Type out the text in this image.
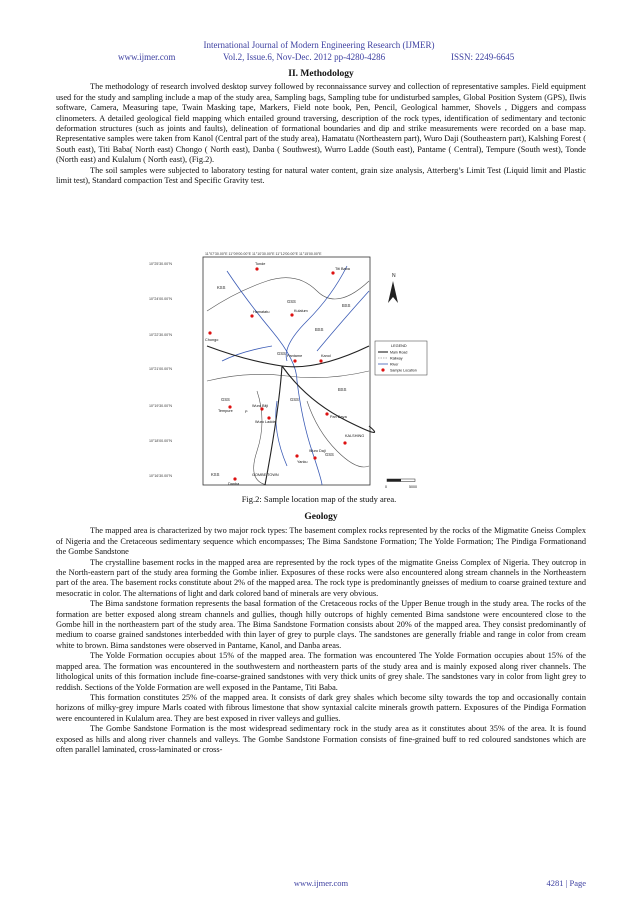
International Journal of Modern Engineering Research (IJMER)
www.ijmer.com	Vol.2, Issue.6, Nov-Dec. 2012 pp-4280-4286	ISSN: 2249-6645
II. Methodology

The methodology of research involved desktop survey followed by reconnaissance survey and collection of representative samples. Field equipment used for the study and sampling include a map of the study area, Sampling bags, Sampling tube for undisturbed samples, Global Position System (GPS), Ilwis software, Camera, Measuring tape, Twain Masking tape, Markers, Field note book, Pen, Pencil, Geological hammer, Shovels , Diggers and compass clinometers. A detailed geological field mapping which entailed ground traversing, description of the rock types, identification of sedimentary and tectonic deformation structures (such as joints and faults), delineation of formational boundaries and dip and strike measurements were recorded on a base map. Representative samples were taken from Kanol (Central part of the study area), Hamatatu (Northeastern part), Wuro Daji (Southeastern part), Kalshing Forest ( South east), Titi Baba( North east) Chongo ( North east), Danba ( Southwest), Wurro Ladde (South east), Pantame ( Central), Tempure (South west), Tonde (North east) and Kulalum ( North east), (Fig.2).

The soil samples were subjected to laboratory testing for natural water content, grain size analysis, Atterberg’s Limit Test (Liquid limit and Plastic limit test), Standard compaction Test and Specific Gravity test.

11°07'30.00"E 11°09'00.00"E 11°10'30.00"E 11°12'00.00"E 11°15'00.00"E
10°25'30.00"N
10°24'00.00"N
10°22'30.00"N
10°21'00.00"N
10°19'30.00"N
10°18'00.00"N
10°16'30.00"N
KSS
GSS
BSS
BSS
GSS
GSS	GSS
KSS
BSS
GSS
Tonde
Titi Baba
Chongo
Hamatatu	Kulalum
Pantame	Kanol
Tempure
Wuro Bitji
Wuro Ladde
Pan Daya
KALSHING
Yanku
Wuro Daji
Danba
GOMBE TOWN
P
N
LEGEND
Main Road
Railway
River
Sample Location
0	5000
Fig.2: Sample location map of the study area.
Geology

The mapped area is characterized by two major rock types: The basement complex rocks represented by the rocks of the Migmatite Gneiss Complex of Nigeria and the Cretaceous sedimentary sequence which encompasses; The Bima Sandstone Formation; The Yolde Formation; The Pindiga Formationand the Gombe Sandstone

The crystalline basement rocks in the mapped area are represented by the rock types of the migmatite Gneiss Complex of Nigeria. They outcrop in the North-eastern part of the study area forming the Gombe inlier. Exposures of these rocks were also encountered along stream channels in the Northeastern part of the area. The basement rocks constitute about 2% of the mapped area. The rock type is predominantly gneisses of medium to coarse grained texture and mesocratic in color. The alternations of light and dark colored band of minerals are very obvious.

The Bima sandstone formation represents the basal formation of the Cretaceous rocks of the Upper Benue trough in the study area. The rocks of the formation are better exposed along stream channels and gullies, though hilly outcrops of highly cemented Bima sandstone were encountered close to the Gombe hill in the northeastern part of the study area. The Bima Sandstone Formation consists about 20% of the mapped area. They consist predominantly of medium to coarse grained sandstones interbedded with thin layer of grey to purple clays. The sandstones are generally friable and range in color from cream white to brown. Bima sandstones were observed in Pantame, Kanol, and Danba areas.

The Yolde Formation occupies about 15% of the mapped area. The formation was encountered The Yolde Formation occupies about 15% of the mapped area. The formation was encountered in the southwestern and northeastern parts of the study area and is mainly exposed along river channels. The lithological units of this formation include fine-coarse-grained sandstones with very thick units of grey shale. The sandstones vary in color from light grey to reddish. Sections of the Yolde Formation are well exposed in the Pantame, Titi Baba.

This formation constitutes 25% of the mapped area. It consists of dark grey shales which become silty towards the top and occasionally contain horizons of milky-grey impure Marls coated with fibrous limestone that show syntaxial calcite minerals growth pattern. Exposures of the Pindiga Formation were encountered in Kulalum area. They are best exposed in river valleys and gullies.

The Gombe Sandstone Formation is the most widespread sedimentary rock in the study area as it constitutes about 35% of the area. It is found exposed as hills and along river channels and valleys. The Gombe Sandstone Formation consists of fine-grained buff to red coloured sandstones which are often parallel laminated, cross-laminated or cross-

www.ijmer.com	4281 | Page
